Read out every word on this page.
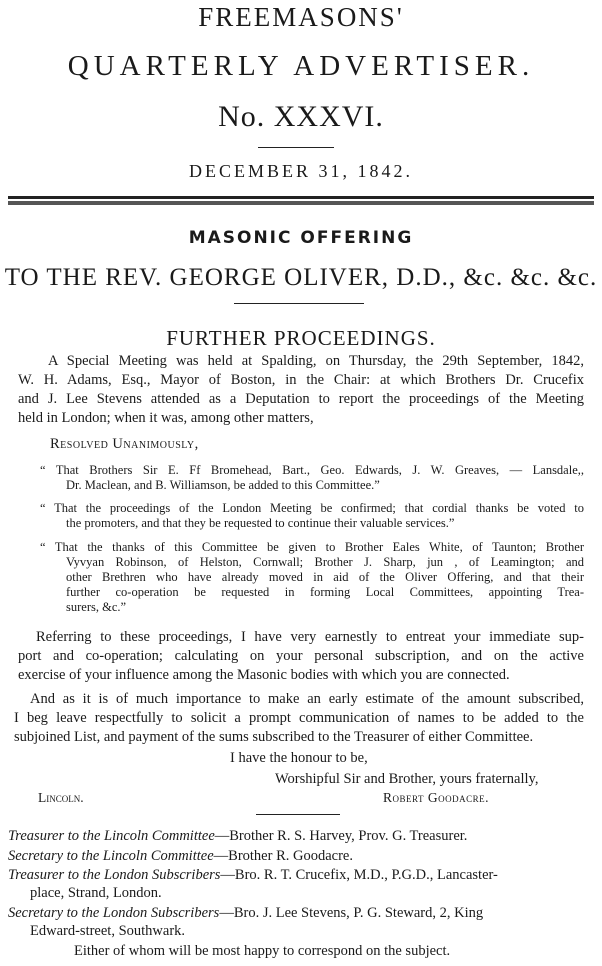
FREEMASONS'
QUARTERLY ADVERTISER.
No. XXXVI.
DECEMBER 31, 1842.
MASONIC OFFERING
TO THE REV. GEORGE OLIVER, D.D., &c. &c. &c.
FURTHER PROCEEDINGS.
A Special Meeting was held at Spalding, on Thursday, the 29th September, 1842,
W. H. Adams, Esq., Mayor of Boston, in the Chair: at which Brothers Dr. Crucefix
and J. Lee Stevens attended as a Deputation to report the proceedings of the Meeting
held in London; when it was, among other matters,
Resolved Unanimously,
“ That Brothers Sir E. Ff Bromehead, Bart., Geo. Edwards, J. W. Greaves, — Lansdale,,
Dr. Maclean, and B. Williamson, be added to this Committee.”
“ That the proceedings of the London Meeting be confirmed; that cordial thanks be voted to
the promoters, and that they be requested to continue their valuable services.”
“ That the thanks of this Committee be given to Brother Eales White, of Taunton; Brother
Vyvyan Robinson, of Helston, Cornwall; Brother J. Sharp, jun , of Leamington; and
other Brethren who have already moved in aid of the Oliver Offering, and that their
further co-operation be requested in forming Local Committees, appointing Trea-
surers, &c.”
Referring to these proceedings, I have very earnestly to entreat your immediate sup-
port and co-operation; calculating on your personal subscription, and on the active
exercise of your influence among the Masonic bodies with which you are connected.
And as it is of much importance to make an early estimate of the amount subscribed,
I beg leave respectfully to solicit a prompt communication of names to be added to the
subjoined List, and payment of the sums subscribed to the Treasurer of either Committee.
I have the honour to be,
Worshipful Sir and Brother, yours fraternally,
Lincoln.	Robert Goodacre.
Treasurer to the Lincoln Committee—Brother R. S. Harvey, Prov. G. Treasurer.
Secretary to the Lincoln Committee—Brother R. Goodacre.
Treasurer to the London Subscribers—Bro. R. T. Crucefix, M.D., P.G.D., Lancaster-
place, Strand, London.
Secretary to the London Subscribers—Bro. J. Lee Stevens, P. G. Steward, 2, King
Edward-street, Southwark.
Either of whom will be most happy to correspond on the subject.
